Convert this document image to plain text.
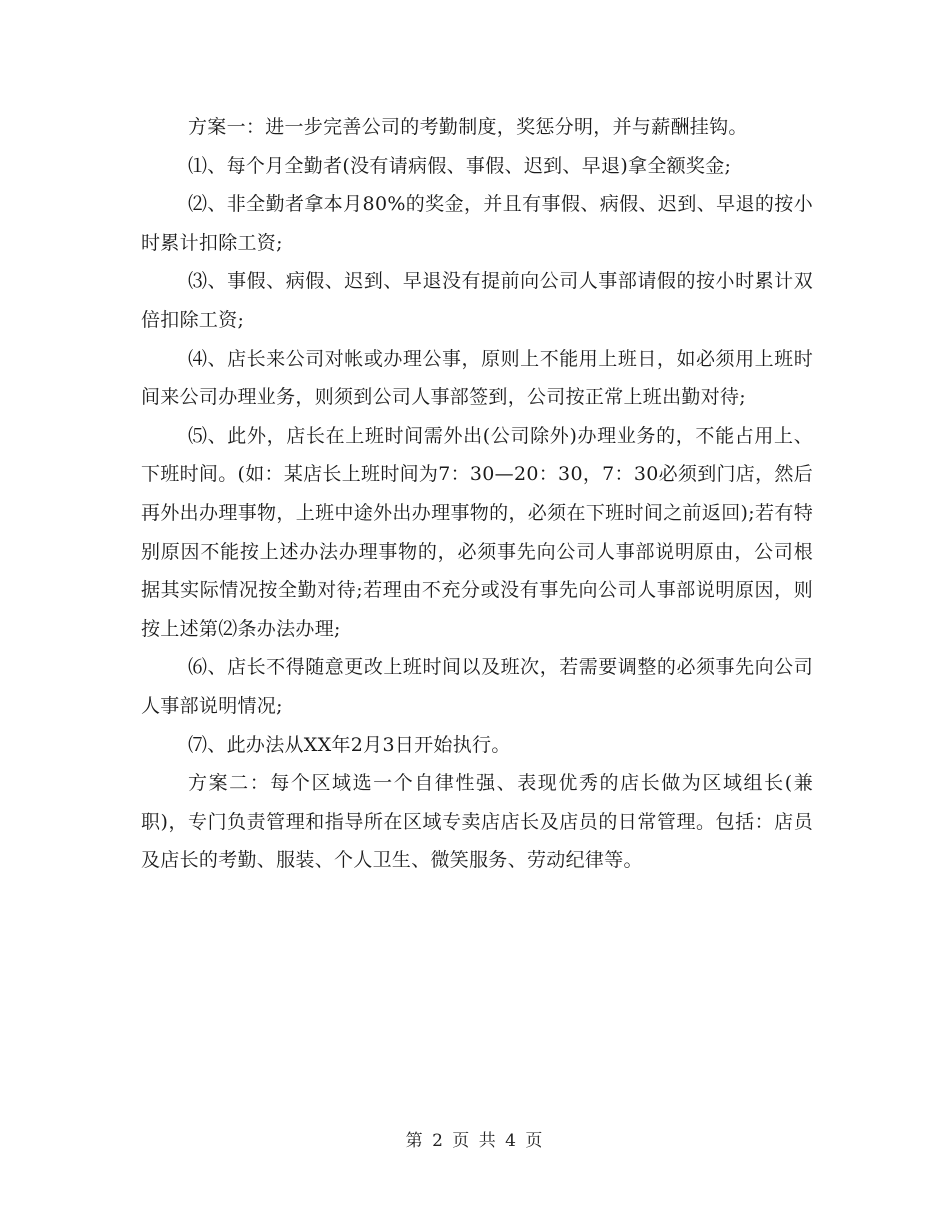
方案一：进一步完善公司的考勤制度，奖惩分明，并与薪酬挂钩。

⑴、每个月全勤者(没有请病假、事假、迟到、早退)拿全额奖金;

⑵、非全勤者拿本月80%的奖金，并且有事假、病假、迟到、早退的按小时累计扣除工资;

⑶、事假、病假、迟到、早退没有提前向公司人事部请假的按小时累计双倍扣除工资;

⑷、店长来公司对帐或办理公事，原则上不能用上班日，如必须用上班时间来公司办理业务，则须到公司人事部签到，公司按正常上班出勤对待;

⑸、此外，店长在上班时间需外出(公司除外)办理业务的，不能占用上、下班时间。(如：某店长上班时间为7：30—20：30，7：30必须到门店，然后再外出办理事物，上班中途外出办理事物的，必须在下班时间之前返回);若有特别原因不能按上述办法办理事物的，必须事先向公司人事部说明原由，公司根据其实际情况按全勤对待;若理由不充分或没有事先向公司人事部说明原因，则按上述第⑵条办法办理;

⑹、店长不得随意更改上班时间以及班次，若需要调整的必须事先向公司人事部说明情况;

⑺、此办法从XX年2月3日开始执行。

方案二：每个区域选一个自律性强、表现优秀的店长做为区域组长(兼职)，专门负责管理和指导所在区域专卖店店长及店员的日常管理。包括：店员及店长的考勤、服装、个人卫生、微笑服务、劳动纪律等。

第 2 页 共 4 页
